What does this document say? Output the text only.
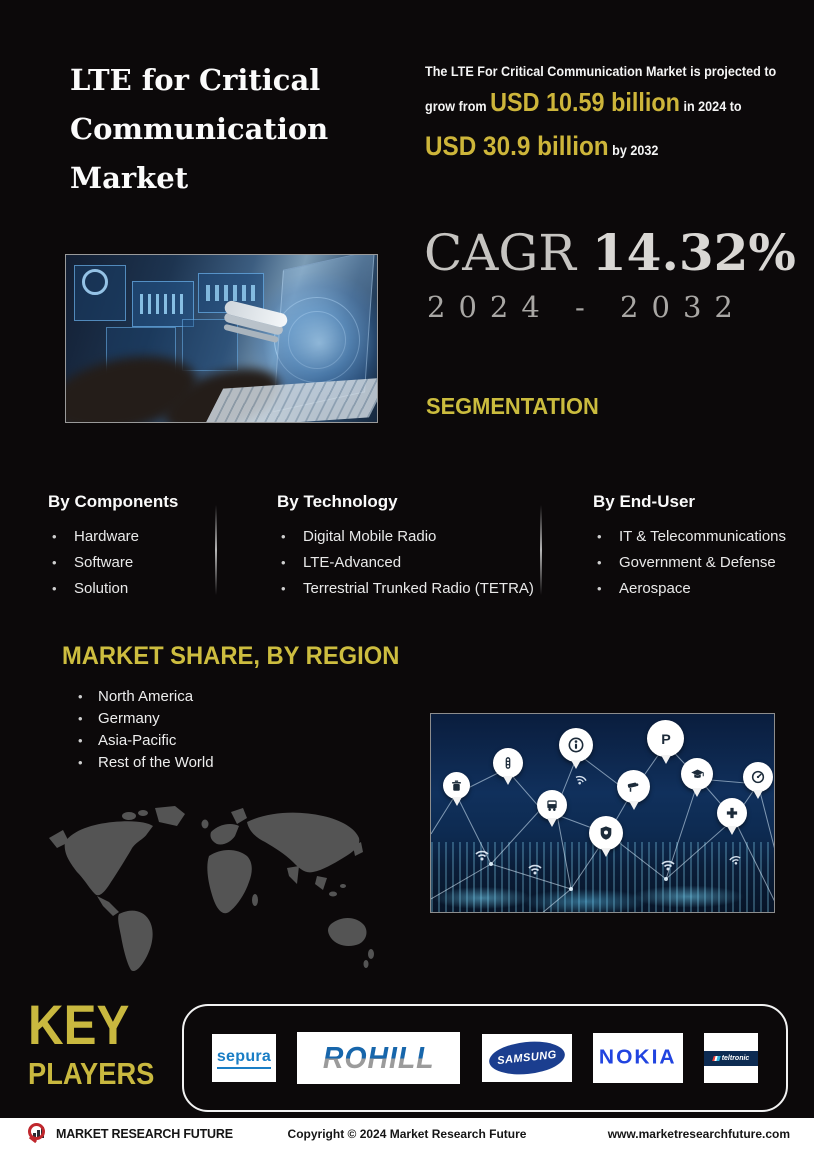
LTE for Critical Communication Market
The LTE For Critical Communication Market is projected to
grow from USD 10.59 billion in 2024 to
USD 30.9 billion by 2032
CAGR 14.32%
2024 - 2032
SEGMENTATION
By Components
• Hardware
• Software
• Solution
By Technology
• Digital Mobile Radio
• LTE-Advanced
• Terrestrial Trunked Radio (TETRA)
By End-User
• IT & Telecommunications
• Government & Defense
• Aerospace
MARKET SHARE, BY REGION
• North America
• Germany
• Asia-Pacific
• Rest of the World
P
KEY
PLAYERS	sepura ROHILL	SAMSUNG NOKIA	teltronic
MARKET RESEARCH FUTURE	Copyright © 2024 Market Research Future	www.marketresearchfuture.com
